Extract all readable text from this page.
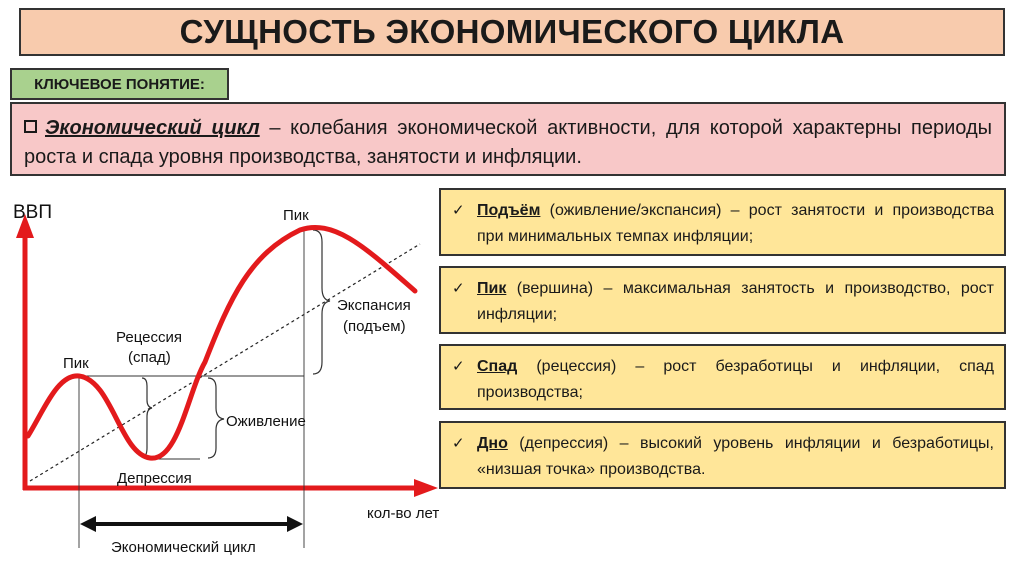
СУЩНОСТЬ ЭКОНОМИЧЕСКОГО ЦИКЛА
КЛЮЧЕВОЕ ПОНЯТИЕ:
Экономический цикл – колебания экономической активности, для которой характерны периоды роста и спада уровня производства, занятости и инфляции.
✓ Подъём (оживление/экспансия) – рост занятости и производства при минимальных темпах инфляции;
✓ Пик (вершина) – максимальная занятость и производство, рост инфляции;
✓ Спад (рецессия) – рост безработицы и инфляции, спад производства;
✓ Дно (депрессия) – высокий уровень инфляции и безработицы, «низшая точка» производства.
ВВП
кол-во лет
Пик
Пик
Рецессия
(спад)
Депрессия
Оживление
Экспансия
(подъем)
Экономический цикл
